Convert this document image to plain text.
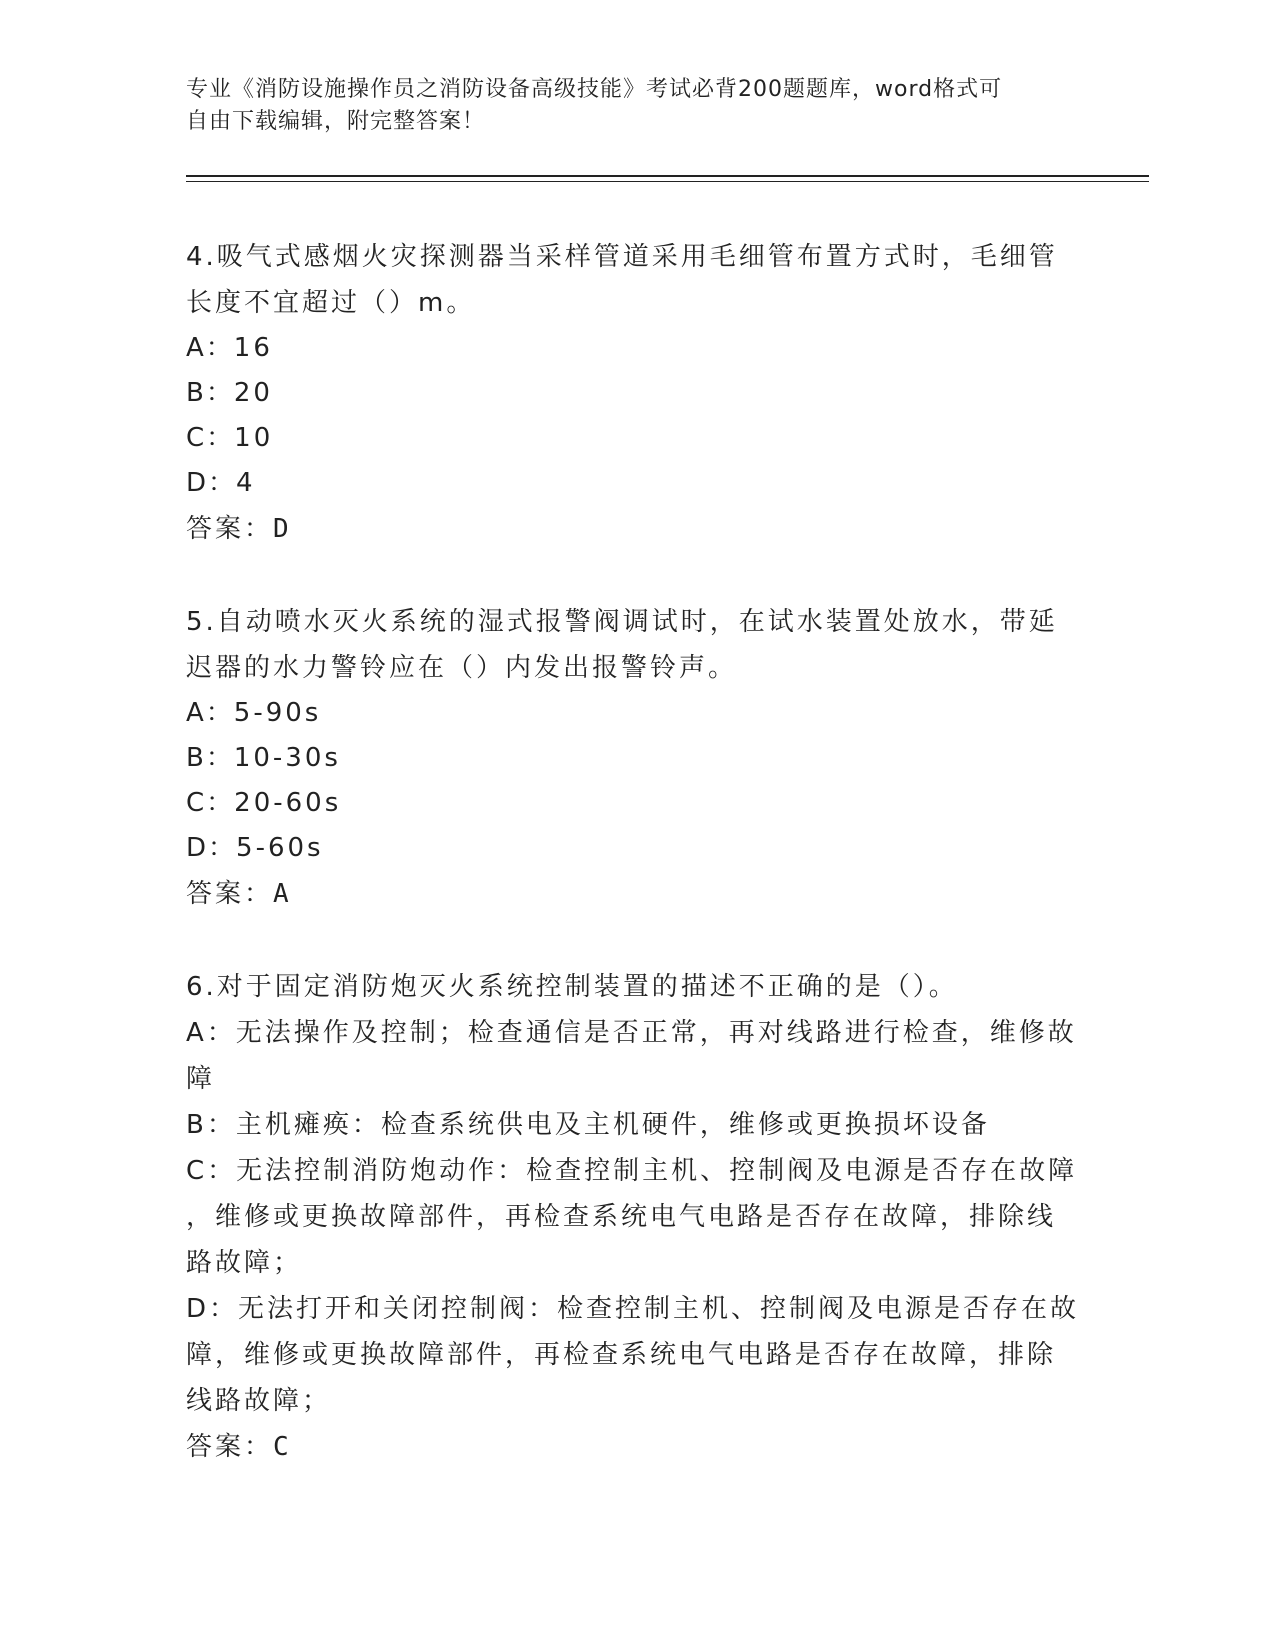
专业《消防设施操作员之消防设备高级技能》考试必背200题题库，word格式可

自由下载编辑，附完整答案！

4.吸气式感烟火灾探测器当采样管道采用毛细管布置方式时，毛细管

长度不宜超过（）m。

A：16

B：20

C：10

D：4

答案：D

5.自动喷水灭火系统的湿式报警阀调试时，在试水装置处放水，带延

迟器的水力警铃应在（）内发出报警铃声。

A：5-90s

B：10-30s

C：20-60s

D：5-60s

答案：A

6.对于固定消防炮灭火系统控制装置的描述不正确的是（）。

A：无法操作及控制；检查通信是否正常，再对线路进行检查，维修故

障

B：主机瘫痪：检查系统供电及主机硬件，维修或更换损坏设备

C：无法控制消防炮动作：检查控制主机、控制阀及电源是否存在故障

，维修或更换故障部件，再检查系统电气电路是否存在故障，排除线

路故障；

D：无法打开和关闭控制阀：检查控制主机、控制阀及电源是否存在故

障，维修或更换故障部件，再检查系统电气电路是否存在故障，排除

线路故障；

答案：C
